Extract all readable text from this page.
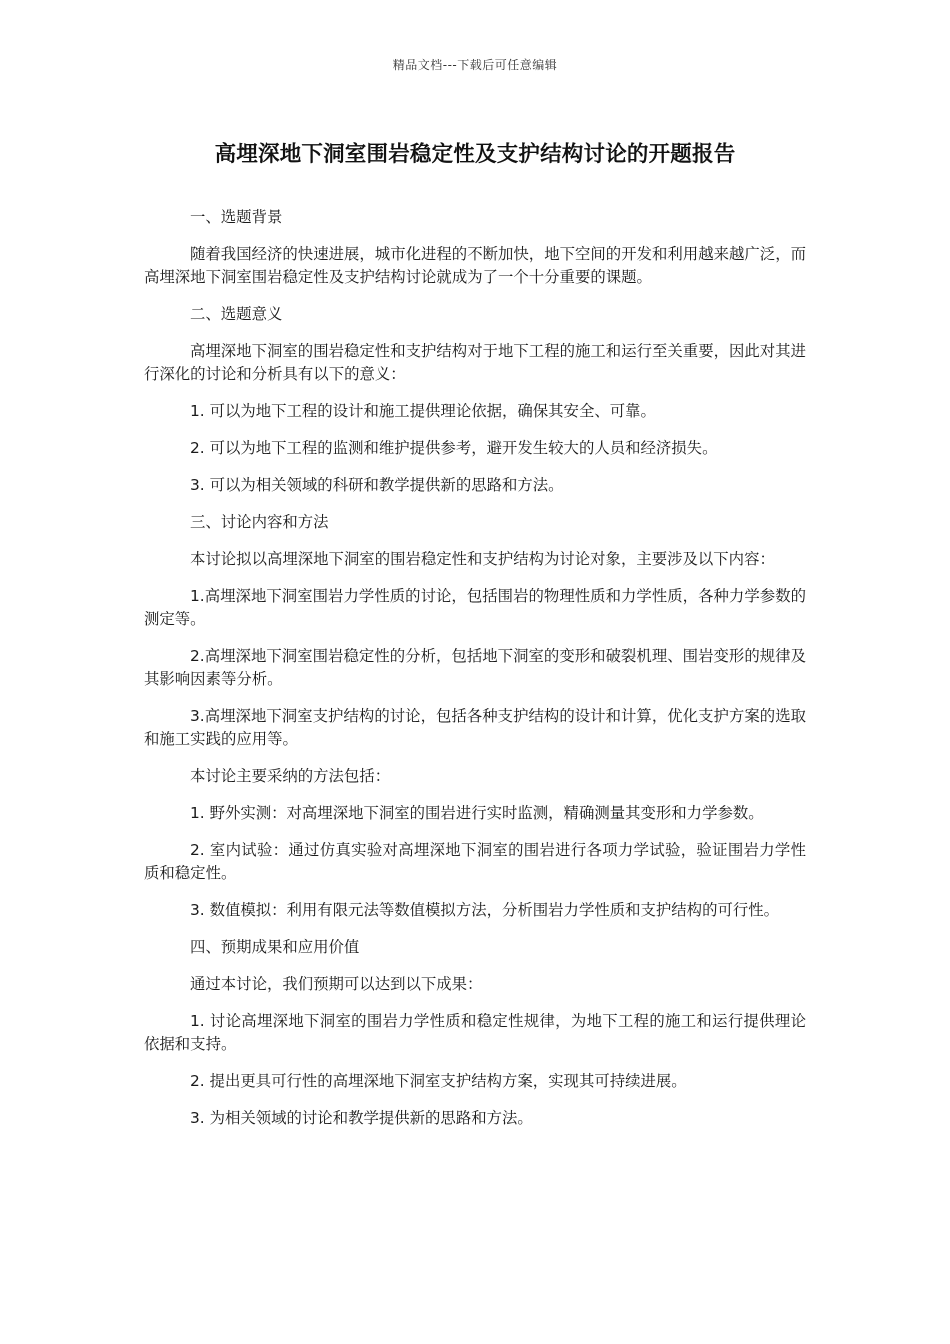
精品文档---下载后可任意编辑
高埋深地下洞室围岩稳定性及支护结构讨论的开题报告

一、选题背景

随着我国经济的快速进展，城市化进程的不断加快，地下空间的开发和利用越来越广泛，而高埋深地下洞室围岩稳定性及支护结构讨论就成为了一个十分重要的课题。

二、选题意义

高埋深地下洞室的围岩稳定性和支护结构对于地下工程的施工和运行至关重要，因此对其进行深化的讨论和分析具有以下的意义：

1. 可以为地下工程的设计和施工提供理论依据，确保其安全、可靠。

2. 可以为地下工程的监测和维护提供参考，避开发生较大的人员和经济损失。

3. 可以为相关领域的科研和教学提供新的思路和方法。

三、讨论内容和方法

本讨论拟以高埋深地下洞室的围岩稳定性和支护结构为讨论对象，主要涉及以下内容：

1.高埋深地下洞室围岩力学性质的讨论，包括围岩的物理性质和力学性质，各种力学参数的测定等。

2.高埋深地下洞室围岩稳定性的分析，包括地下洞室的变形和破裂机理、围岩变形的规律及其影响因素等分析。

3.高埋深地下洞室支护结构的讨论，包括各种支护结构的设计和计算，优化支护方案的选取和施工实践的应用等。

本讨论主要采纳的方法包括：

1. 野外实测：对高埋深地下洞室的围岩进行实时监测，精确测量其变形和力学参数。

2. 室内试验：通过仿真实验对高埋深地下洞室的围岩进行各项力学试验，验证围岩力学性质和稳定性。

3. 数值模拟：利用有限元法等数值模拟方法，分析围岩力学性质和支护结构的可行性。

四、预期成果和应用价值

通过本讨论，我们预期可以达到以下成果：

1. 讨论高埋深地下洞室的围岩力学性质和稳定性规律，为地下工程的施工和运行提供理论依据和支持。

2. 提出更具可行性的高埋深地下洞室支护结构方案，实现其可持续进展。

3. 为相关领域的讨论和教学提供新的思路和方法。
